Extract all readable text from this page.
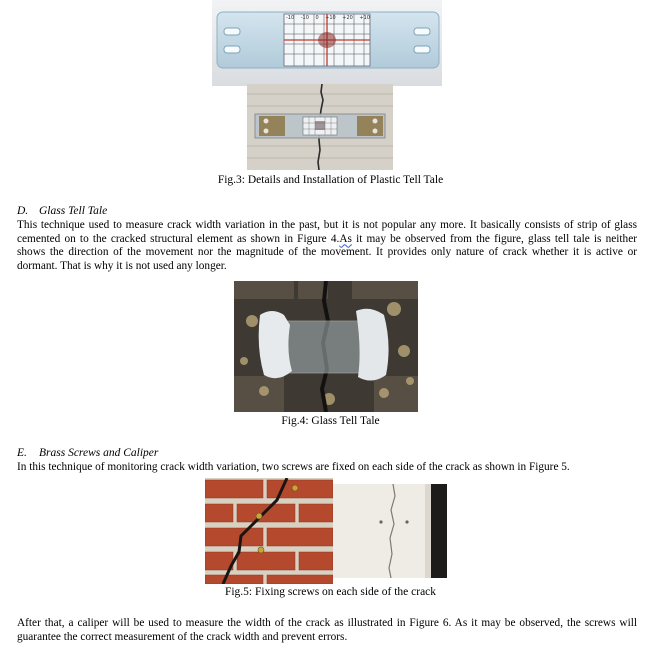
-10 -10 0 +10 +20 +10
Fig.3: Details and Installation of Plastic Tell Tale
D. Glass Tell Tale
This technique used to measure crack width variation in the past, but it is not popular any more. It basically consists of strip of glass
cemented on to the cracked structural element as shown in Figure 4.As it may be observed from the figure, glass tell tale is neither
shows the direction of the movement nor the magnitude of the movement. It provides only nature of crack whether it is active or
dormant. That is why it is not used any longer.
Fig.4: Glass Tell Tale
E. Brass Screws and Caliper
In this technique of monitoring crack width variation, two screws are fixed on each side of the crack as shown in Figure 5.
Fig.5: Fixing screws on each side of the crack
After that, a caliper will be used to measure the width of the crack as illustrated in Figure 6. As it may be observed, the screws will
guarantee the correct measurement of the crack width and prevent errors.
